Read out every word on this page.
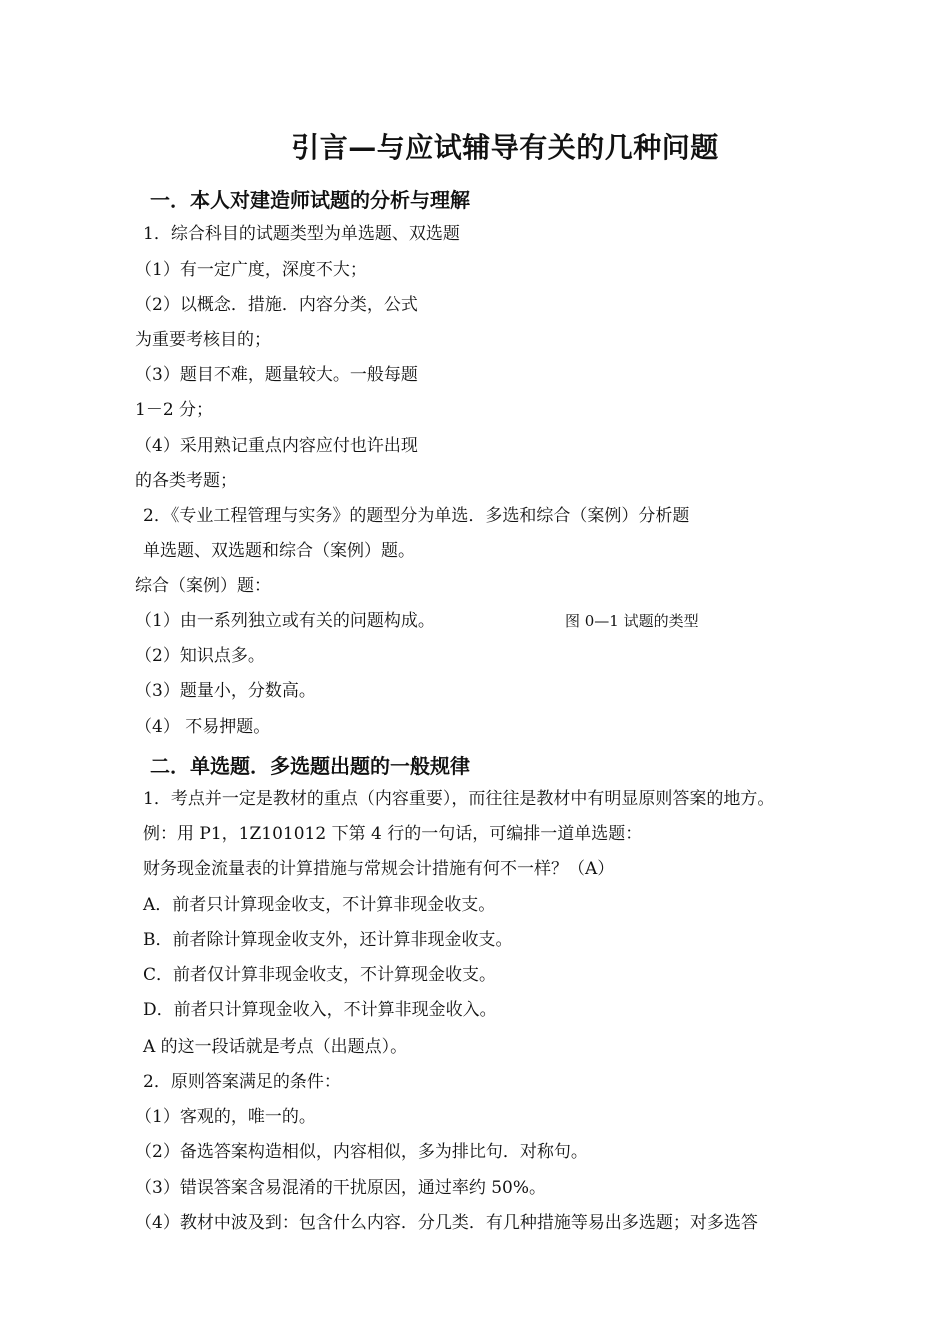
引言—与应试辅导有关的几种问题
一．本人对建造师试题的分析与理解
1．综合科目的试题类型为单选题、双选题
（1）有一定广度，深度不大；
（2）以概念．措施．内容分类，公式
为重要考核目的；
（3）题目不难，题量较大。一般每题
1－2 分；
（4）采用熟记重点内容应付也许出现
的各类考题；
2．《专业工程管理与实务》的题型分为单选．多选和综合（案例）分析题
单选题、双选题和综合（案例）题。
综合（案例）题：
（1）由一系列独立或有关的问题构成。	图 0—1 试题的类型
（2）知识点多。
（3）题量小，分数高。
（4） 不易押题。
二．单选题．多选题出题的一般规律
1．考点并一定是教材的重点（内容重要），而往往是教材中有明显原则答案的地方。
例：用 P1，1Z101012 下第 4 行的一句话，可编排一道单选题：
财务现金流量表的计算措施与常规会计措施有何不一样？（A）
A．前者只计算现金收支，不计算非现金收支。
B．前者除计算现金收支外，还计算非现金收支。
C．前者仅计算非现金收支，不计算现金收支。
D．前者只计算现金收入，不计算非现金收入。
A 的这一段话就是考点（出题点）。
2．原则答案满足的条件：
（1）客观的，唯一的。
（2）备选答案构造相似，内容相似，多为排比句．对称句。
（3）错误答案含易混淆的干扰原因，通过率约 50%。
（4）教材中波及到：包含什么内容．分几类．有几种措施等易出多选题；对多选答
